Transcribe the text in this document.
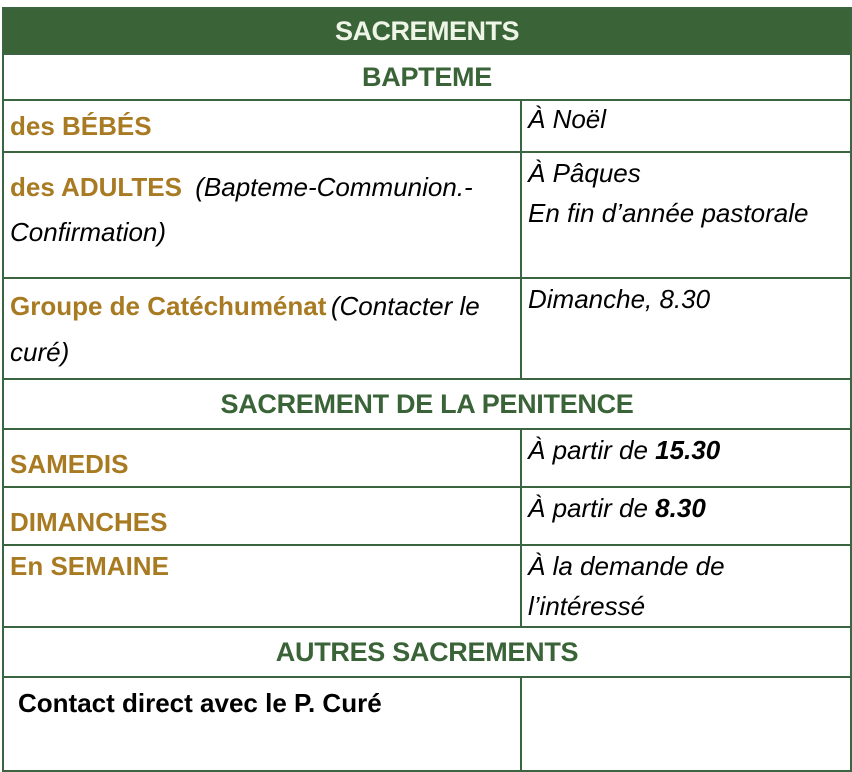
SACREMENTS	
BAPTEME	
des BÉBÉS	À Noël

des ADULTES (Bapteme-Communion.-Confirmation)	À Pâques
En fin d’année pastorale

Groupe de Catéchuménat (Contacter le curé)	Dimanche, 8.30

SACREMENT DE LA PENITENCE	
SAMEDIS	À partir de 15.30
DIMANCHES	À partir de 8.30

En SEMAINE	À la demande de l’intéressé

AUTRES SACREMENTS	
Contact direct avec le P. Curé	
